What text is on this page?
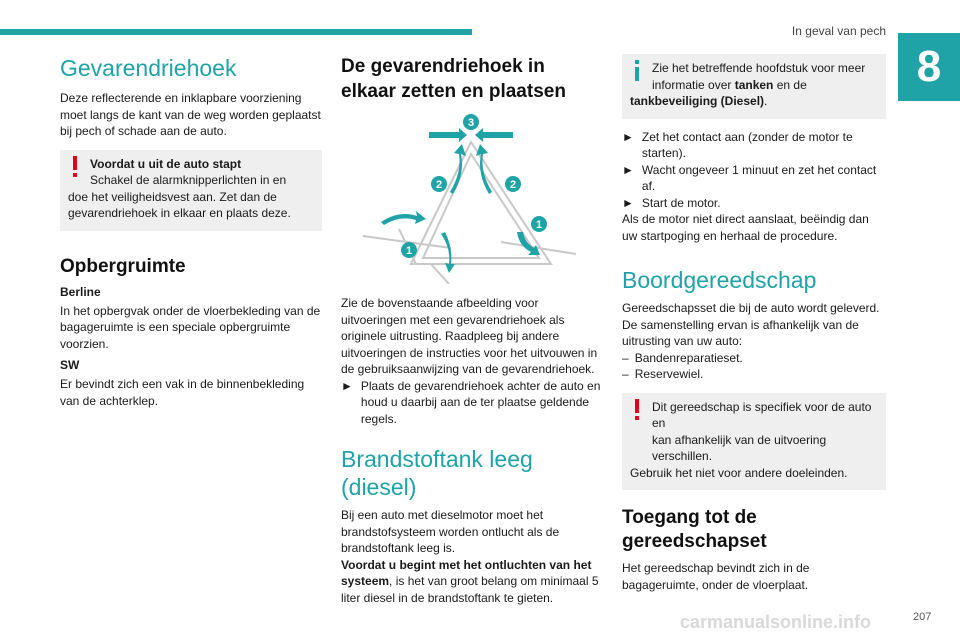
In geval van pech
8
Gevarendriehoek

Deze reflecterende en inklapbare voorziening moet langs de kant van de weg worden geplaatst bij pech of schade aan de auto.

Voordat u uit de auto stapt
Schakel de alarmknipperlichten in en
doe het veiligheidsvest aan. Zet dan de gevarendriehoek in elkaar en plaats deze.
Opbergruimte
Berline

In het opbergvak onder de vloerbekleding van de bagageruimte is een speciale opbergruimte voorzien.

SW

Er bevindt zich een vak in de binnenbekleding van de achterklep.

De gevarendriehoek in elkaar zetten en plaatsen
3
2	2
1
1

Zie de bovenstaande afbeelding voor uitvoeringen met een gevarendriehoek als originele uitrusting. Raadpleeg bij andere uitvoeringen de instructies voor het uitvouwen in de gebruiksaanwijzing van de gevarendriehoek.

► Plaats de gevarendriehoek achter de auto en houd u daarbij aan de ter plaatse geldende regels.
Brandstoftank leeg (diesel)

Bij een auto met dieselmotor moet het brandstofsysteem worden ontlucht als de brandstoftank leeg is.
Voordat u begint met het ontluchten van het systeem, is het van groot belang om minimaal 5 liter diesel in de brandstoftank te gieten.

Zie het betreffende hoofdstuk voor meer
informatie over tanken en de
tankbeveiliging (Diesel).
► Zet het contact aan (zonder de motor te starten).
► Wacht ongeveer 1 minuut en zet het contact af.
► Start de motor.

Als de motor niet direct aanslaat, beëindig dan uw startpoging en herhaal de procedure.

Boordgereedschap

Gereedschapsset die bij de auto wordt geleverd. De samenstelling ervan is afhankelijk van de uitrusting van uw auto:

– Bandenreparatieset.
– Reservewiel.
Dit gereedschap is specifiek voor de auto en
kan afhankelijk van de uitvoering verschillen.
Gebruik het niet voor andere doeleinden.
Toegang tot de gereedschapset

Het gereedschap bevindt zich in de bagageruimte, onder de vloerplaat.

carmanualsonline.info	207
